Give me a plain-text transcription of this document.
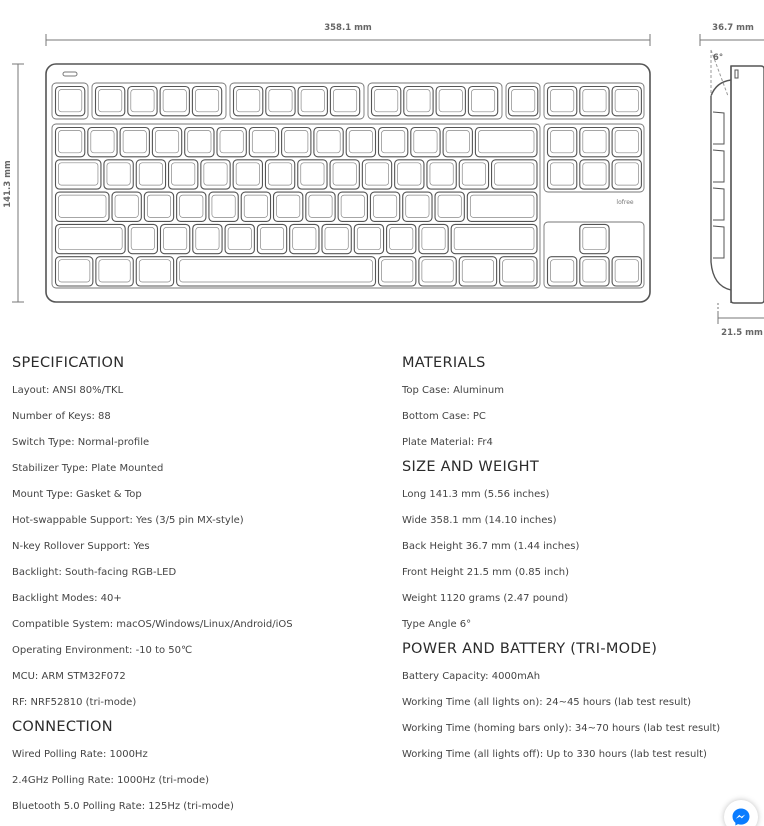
358.1 mm
141.3 mm	lofree
36.7 mm
6°
21.5 mm
SPECIFICATION
Layout: ANSI 80%/TKL
Number of Keys: 88
Switch Type: Normal-profile
Stabilizer Type: Plate Mounted
Mount Type: Gasket & Top
Hot-swappable Support: Yes (3/5 pin MX-style)
N-key Rollover Support: Yes
Backlight: South-facing RGB-LED
Backlight Modes: 40+
Compatible System: macOS/Windows/Linux/Android/iOS
Operating Environment: -10 to 50℃
MCU: ARM STM32F072
RF: NRF52810 (tri-mode)
CONNECTION
Wired Polling Rate: 1000Hz
2.4GHz Polling Rate: 1000Hz (tri-mode)
Bluetooth 5.0 Polling Rate: 125Hz (tri-mode)
MATERIALS
Top Case: Aluminum
Bottom Case: PC
Plate Material: Fr4
SIZE AND WEIGHT
Long 141.3 mm (5.56 inches)
Wide 358.1 mm (14.10 inches)
Back Height 36.7 mm (1.44 inches)
Front Height 21.5 mm (0.85 inch)
Weight 1120 grams (2.47 pound)
Type Angle 6°
POWER AND BATTERY (TRI-MODE)
Battery Capacity: 4000mAh
Working Time (all lights on): 24~45 hours (lab test result)
Working Time (homing bars only): 34~70 hours (lab test result)
Working Time (all lights off): Up to 330 hours (lab test result)
